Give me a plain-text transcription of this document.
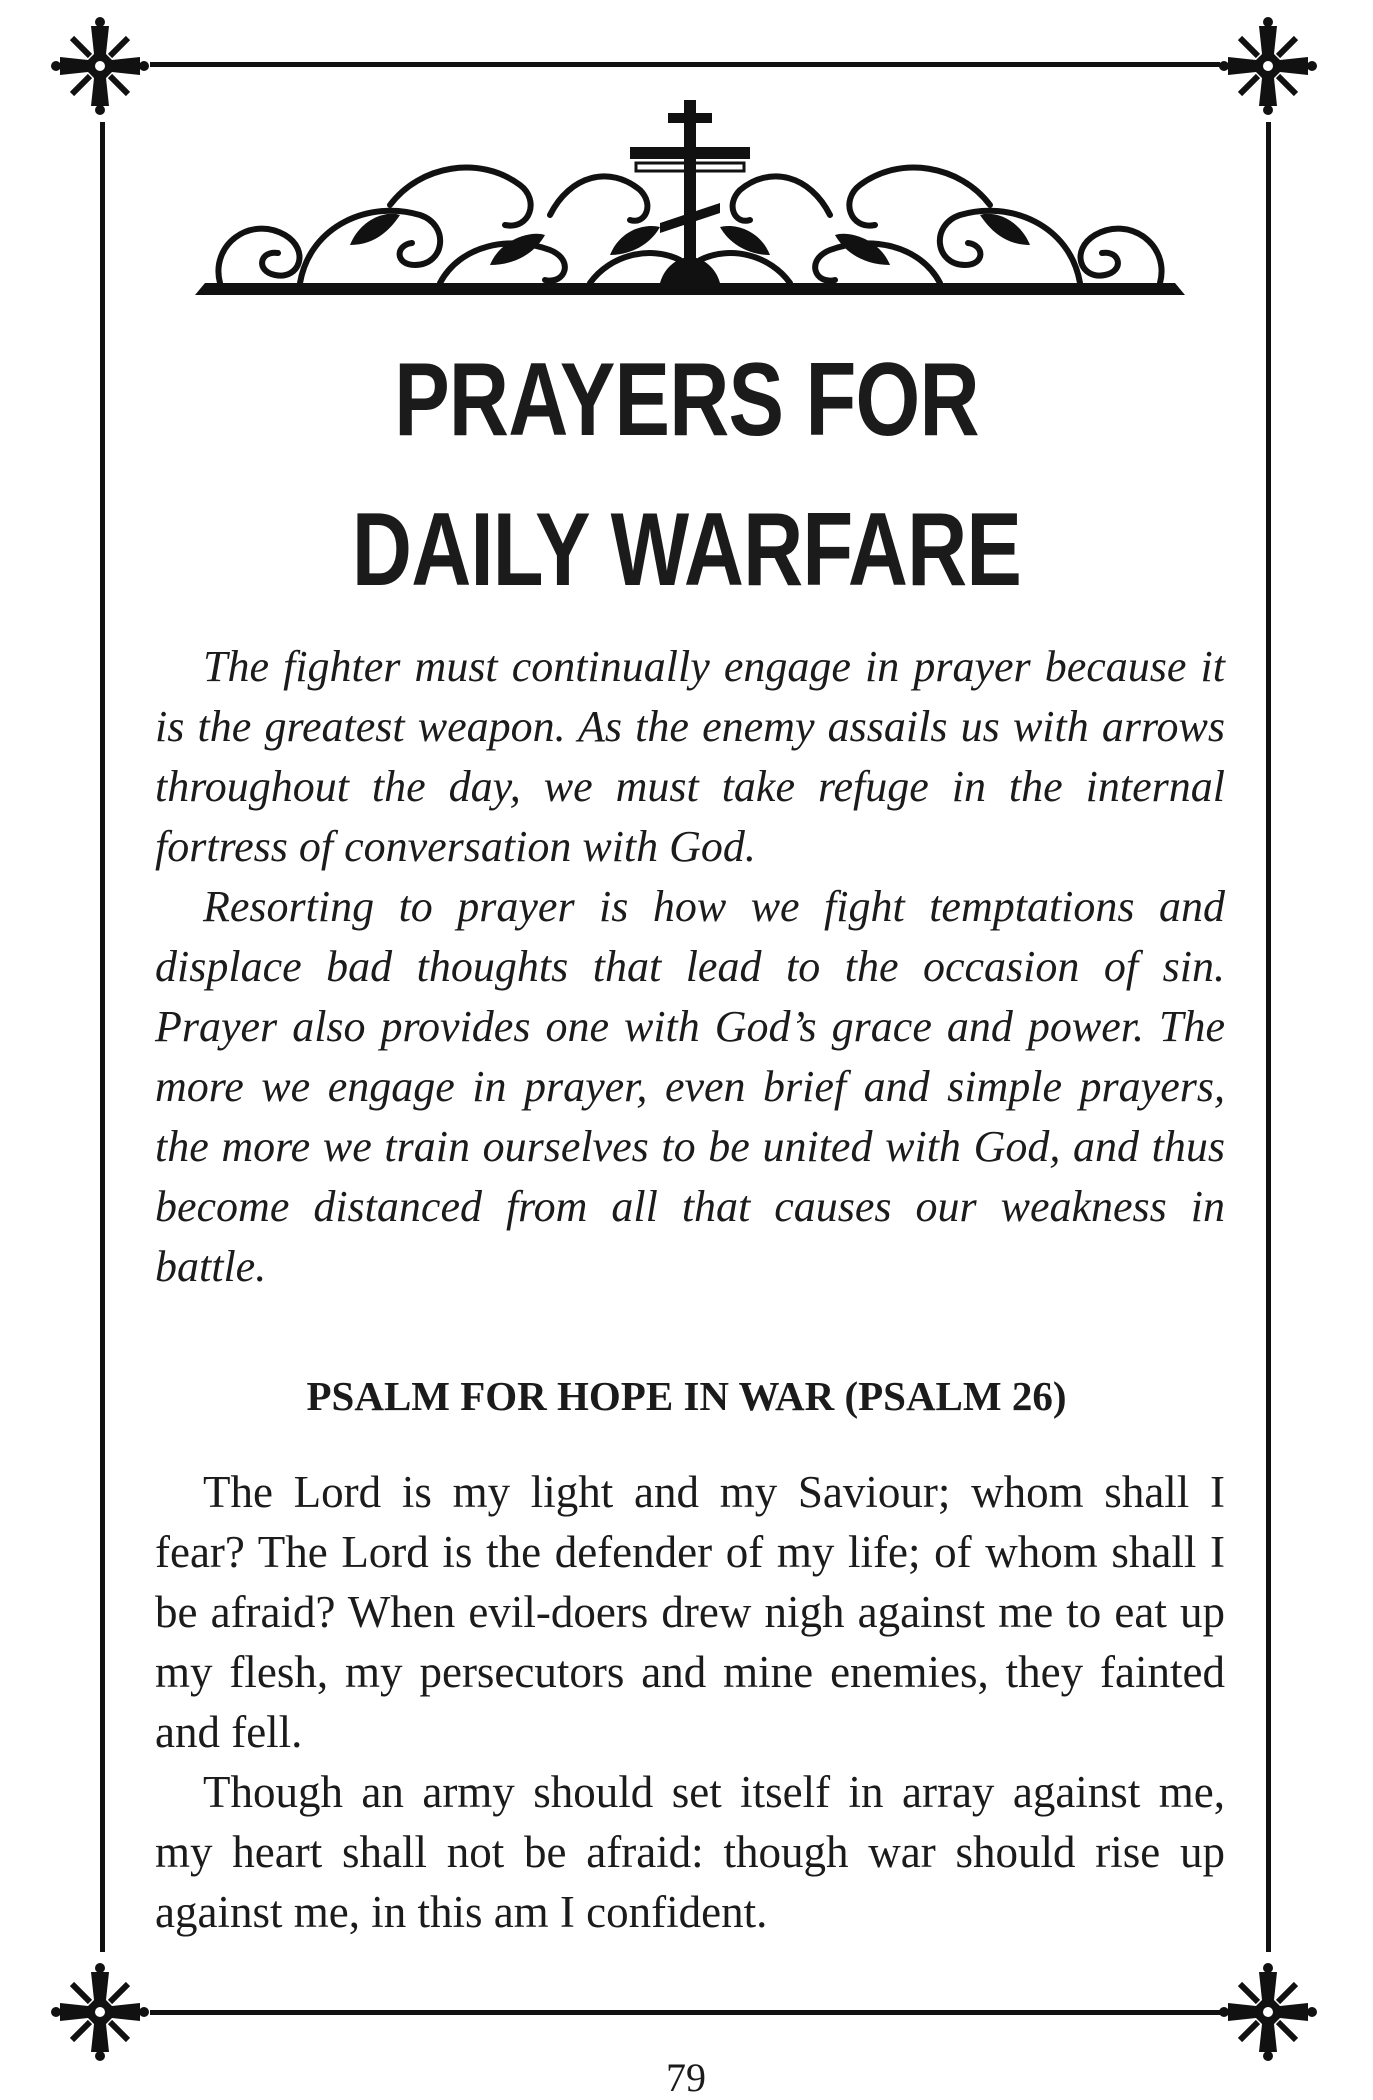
PRAYERS FOR
DAILY WARFARE

The fighter must continually engage in prayer because it is the greatest weapon. As the enemy assails us with arrows throughout the day, we must take refuge in the internal fortress of conversation with God.

Resorting to prayer is how we fight temptations and displace bad thoughts that lead to the occasion of sin. Prayer also provides one with God’s grace and power. The more we engage in prayer, even brief and simple prayers, the more we train ourselves to be united with God, and thus become distanced from all that causes our weakness in battle.

PSALM FOR HOPE IN WAR (PSALM 26)

The Lord is my light and my Saviour; whom shall I fear? The Lord is the defender of my life; of whom shall I be afraid? When evil-doers drew nigh against me to eat up my flesh, my persecutors and mine enemies, they fainted and fell.

Though an army should set itself in array against me, my heart shall not be afraid: though war should rise up against me, in this am I confident.

79
